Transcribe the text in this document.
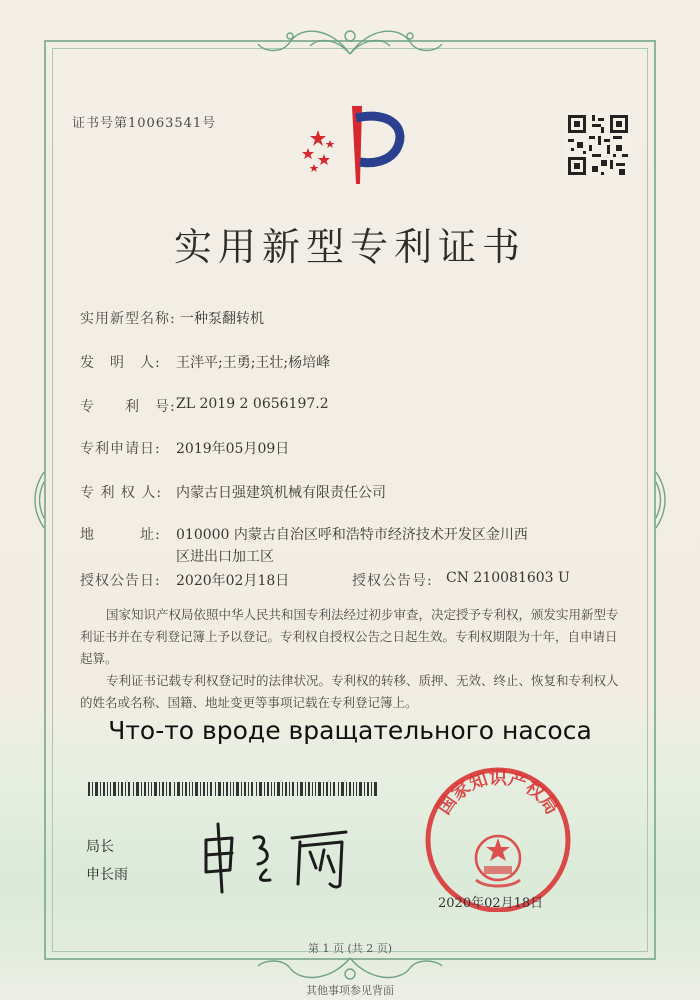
证书号第10063541号
实用新型专利证书
实用新型名称: 一种泵翻转机
发　明　人: 王泮平;王勇;王壮;杨培峰
专　　利　号: ZL 2019 2 0656197.2
专利申请日: 2019年05月09日
专 利 权 人: 内蒙古日强建筑机械有限责任公司
地　　　址: 010000 内蒙古自治区呼和浩特市经济技术开发区金川西
区进出口加工区
授权公告日: 2020年02月18日	授权公告号: CN 210081603 U
国家知识产权局依照中华人民共和国专利法经过初步审查，决定授予专利权，颁发实用新型专利证书并在专利登记簿上予以登记。专利权自授权公告之日起生效。专利权期限为十年，自申请日起算。
专利证书记载专利权登记时的法律状况。专利权的转移、质押、无效、终止、恢复和专利权人的姓名或名称、国籍、地址变更等事项记载在专利登记簿上。
Что-то вроде вращательного насоса
局长
申长雨
国家知识产权局
2020年02月18日
第 1 页 (共 2 页)
其他事项参见背面
